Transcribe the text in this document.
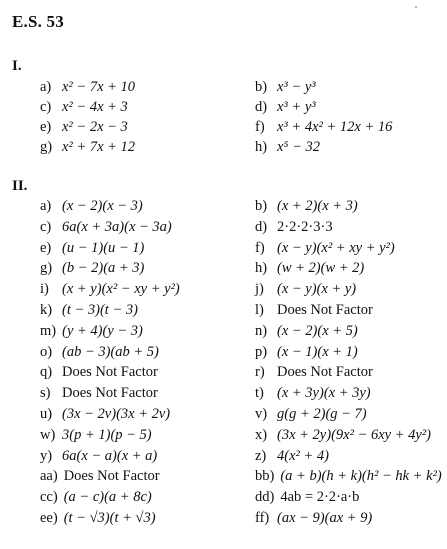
E.S. 53
I.
a) x² − 7x + 10	b) x³ − y³
c) x² − 4x + 3	d) x³ + y³
e) x² − 2x − 3	f) x³ + 4x² + 12x + 16
g) x² + 7x + 12	h) x⁵ − 32
II.
a) (x − 2)(x − 3)	b) (x + 2)(x + 3)
c) 6a(x + 3a)(x − 3a)	d) 2·2·2·3·3
e) (u − 1)(u − 1)	f) (x − y)(x² + xy + y²)
g) (b − 2)(a + 3)	h) (w + 2)(w + 2)
i) (x + y)(x² − xy + y²)	j) (x − y)(x + y)
k) (t − 3)(t − 3)	l) Does Not Factor
m) (y + 4)(y − 3)	n) (x − 2)(x + 5)
o) (ab − 3)(ab + 5)	p) (x − 1)(x + 1)
q) Does Not Factor	r) Does Not Factor
s) Does Not Factor	t) (x + 3y)(x + 3y)
u) (3x − 2v)(3x + 2v)	v) g(g + 2)(g − 7)
w) 3(p + 1)(p − 5)	x) (3x + 2y)(9x² − 6xy + 4y²)
y) 6a(x − a)(x + a)	z) 4(x² + 4)
aa) Does Not Factor	bb) (a + b)(h + k)(h² − hk + k²)
cc) (a − c)(a + 8c)	dd) 4ab = 2·2·a·b
ee) (t − √3)(t + √3)	ff) (ax − 9)(ax + 9)
